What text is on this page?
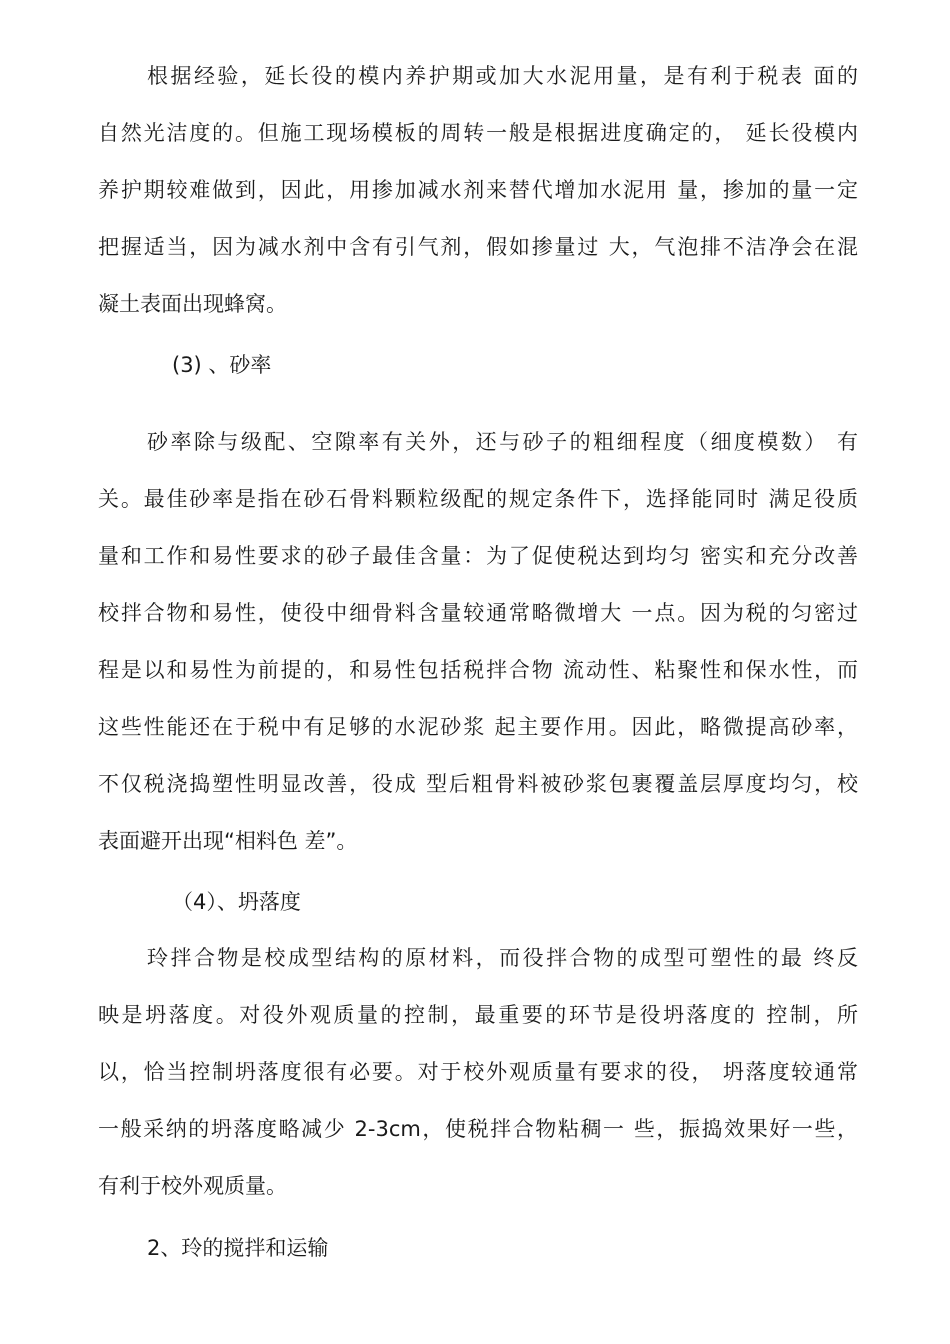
根据经验，延长役的模内养护期或加大水泥用量，是有利于税表 面的
自然光洁度的。但施工现场模板的周转一般是根据进度确定的， 延长役模内
养护期较难做到，因此，用掺加减水剂来替代增加水泥用 量，掺加的量一定
把握适当，因为减水剂中含有引气剂，假如掺量过 大，气泡排不洁净会在混
凝土表面出现蜂窝。
(3) 、砂率
砂率除与级配、空隙率有关外，还与砂子的粗细程度（细度模数） 有
关。最佳砂率是指在砂石骨料颗粒级配的规定条件下，选择能同时 满足役质
量和工作和易性要求的砂子最佳含量：为了促使税达到均匀 密实和充分改善
校拌合物和易性，使役中细骨料含量较通常略微增大 一点。因为税的匀密过
程是以和易性为前提的，和易性包括税拌合物 流动性、粘聚性和保水性，而
这些性能还在于税中有足够的水泥砂浆 起主要作用。因此，略微提高砂率，
不仅税浇捣塑性明显改善，役成 型后粗骨料被砂浆包裹覆盖层厚度均匀，校
表面避开出现“相料色 差”。
（4）、坍落度
玲拌合物是校成型结构的原材料，而役拌合物的成型可塑性的最 终反
映是坍落度。对役外观质量的控制，最重要的环节是役坍落度的 控制，所
以，恰当控制坍落度很有必要。对于校外观质量有要求的役， 坍落度较通常
一般采纳的坍落度略减少 2-3cm，使税拌合物粘稠一 些，振捣效果好一些，
有利于校外观质量。
2、玲的搅拌和运输
